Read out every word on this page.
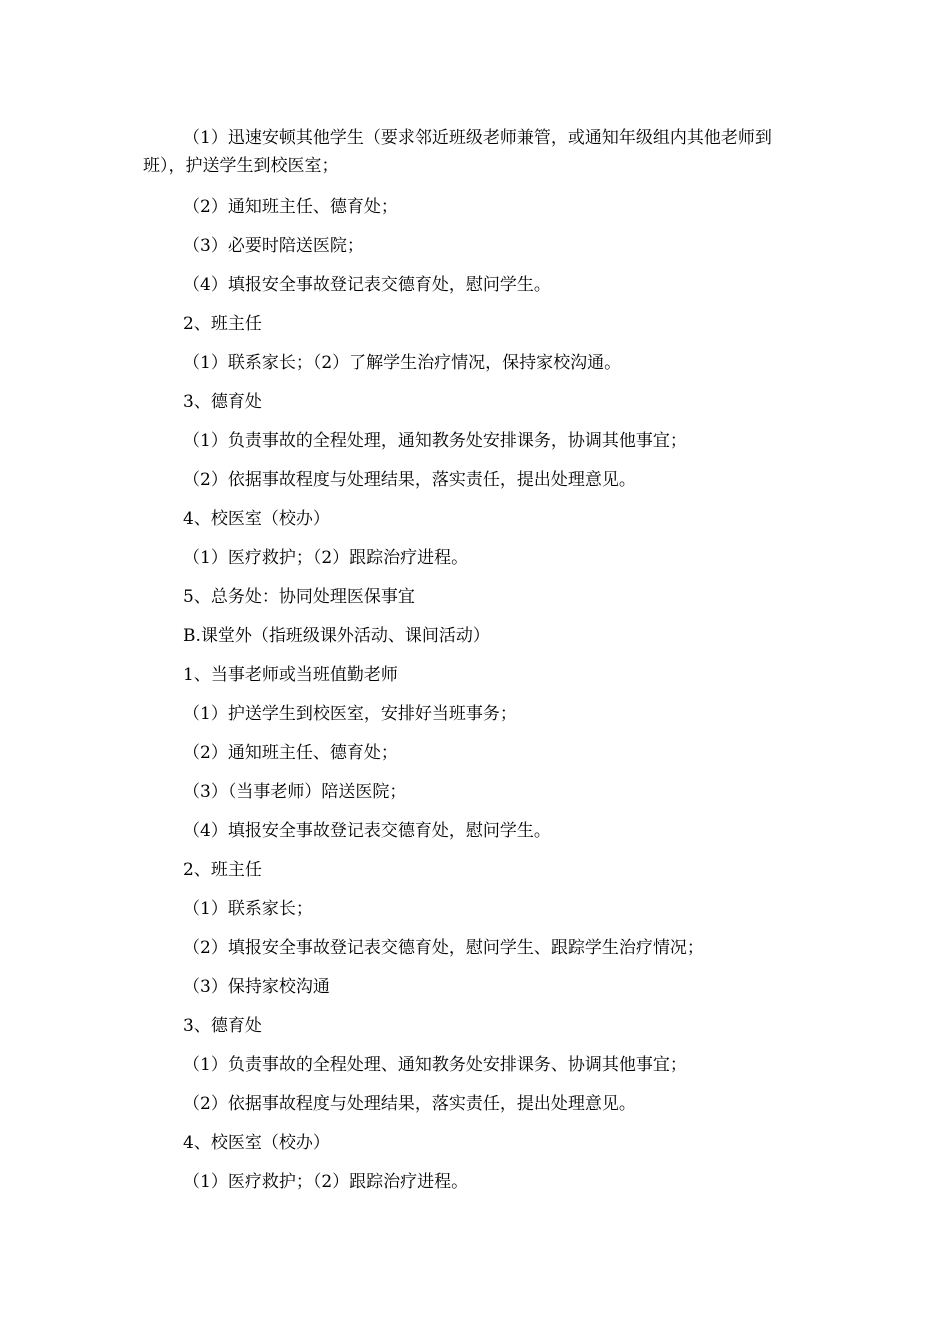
（1）迅速安顿其他学生（要求邻近班级老师兼管，或通知年级组内其他老师到班），护送学生到校医室；

（2）通知班主任、德育处；

（3）必要时陪送医院；

（4）填报安全事故登记表交德育处，慰问学生。

2、班主任

（1）联系家长；（2）了解学生治疗情况，保持家校沟通。

3、德育处

（1）负责事故的全程处理，通知教务处安排课务，协调其他事宜；

（2）依据事故程度与处理结果，落实责任，提出处理意见。

4、校医室（校办）

（1）医疗救护；（2）跟踪治疗进程。

5、总务处：协同处理医保事宜

B.课堂外（指班级课外活动、课间活动）

1、当事老师或当班值勤老师

（1）护送学生到校医室，安排好当班事务；

（2）通知班主任、德育处；

（3）（当事老师）陪送医院；

（4）填报安全事故登记表交德育处，慰问学生。

2、班主任

（1）联系家长；

（2）填报安全事故登记表交德育处，慰问学生、跟踪学生治疗情况；

（3）保持家校沟通

3、德育处

（1）负责事故的全程处理、通知教务处安排课务、协调其他事宜；

（2）依据事故程度与处理结果，落实责任，提出处理意见。

4、校医室（校办）

（1）医疗救护；（2）跟踪治疗进程。
